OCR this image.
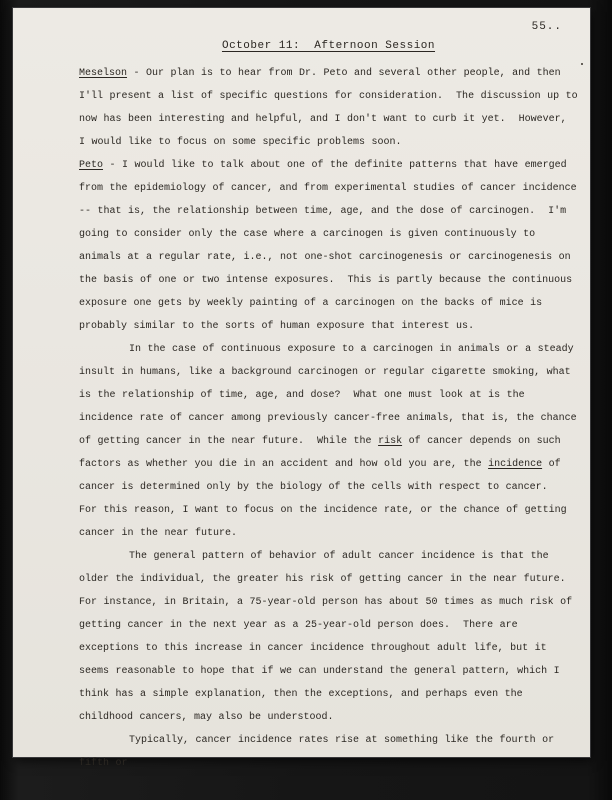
55..
October 11:  Afternoon Session

Meselson - Our plan is to hear from Dr. Peto and several other people, and then I'll present a list of specific questions for consideration.  The discussion up to now has been interesting and helpful, and I don't want to curb it yet.  However, I would like to focus on some specific problems soon.

Peto - I would like to talk about one of the definite patterns that have emerged from the epidemiology of cancer, and from experimental studies of cancer incidence -- that is, the relationship between time, age, and the dose of carcinogen.  I'm going to consider only the case where a carcinogen is given continuously to animals at a regular rate, i.e., not one-shot carcinogenesis or carcinogenesis on the basis of one or two intense exposures.  This is partly because the continuous exposure one gets by weekly painting of a carcinogen on the backs of mice is probably similar to the sorts of human exposure that interest us.

In the case of continuous exposure to a carcinogen in animals or a steady insult in humans, like a background carcinogen or regular cigarette smoking, what is the relationship of time, age, and dose?  What one must look at is the incidence rate of cancer among previously cancer-free animals, that is, the chance of getting cancer in the near future.  While the risk of cancer depends on such factors as whether you die in an accident and how old you are, the incidence of cancer is determined only by the biology of the cells with respect to cancer.  For this reason, I want to focus on the incidence rate, or the chance of getting cancer in the near future.

The general pattern of behavior of adult cancer incidence is that the older the individual, the greater his risk of getting cancer in the near future.  For instance, in Britain, a 75-year-old person has about 50 times as much risk of getting cancer in the next year as a 25-year-old person does.  There are exceptions to this increase in cancer incidence throughout adult life, but it seems reasonable to hope that if we can understand the general pattern, which I think has a simple explanation, then the exceptions, and perhaps even the childhood cancers, may also be understood.

Typically, cancer incidence rates rise at something like the fourth or fifth or
